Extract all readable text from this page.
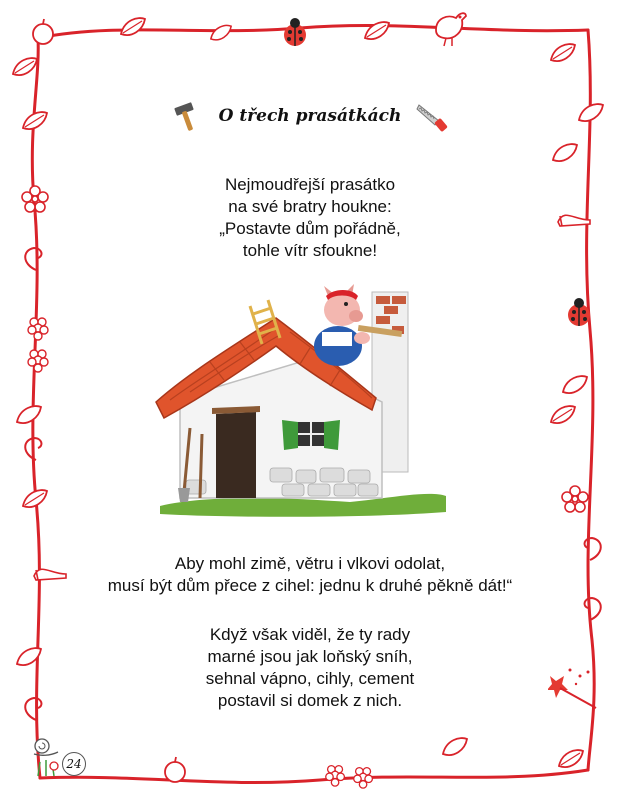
O třech prasátkách
Nejmoudřejší prasátko
na své bratry houkne:
„Postavte dům pořádně,
tohle vítr sfoukne!
Aby mohl zimě, větru i vlkovi odolat,
musí být dům přece z cihel: jednu k druhé pěkně dát!“
Když však viděl, že ty rady
marné jsou jak loňský sníh,
sehnal vápno, cihly, cement
postavil si domek z nich.
24
